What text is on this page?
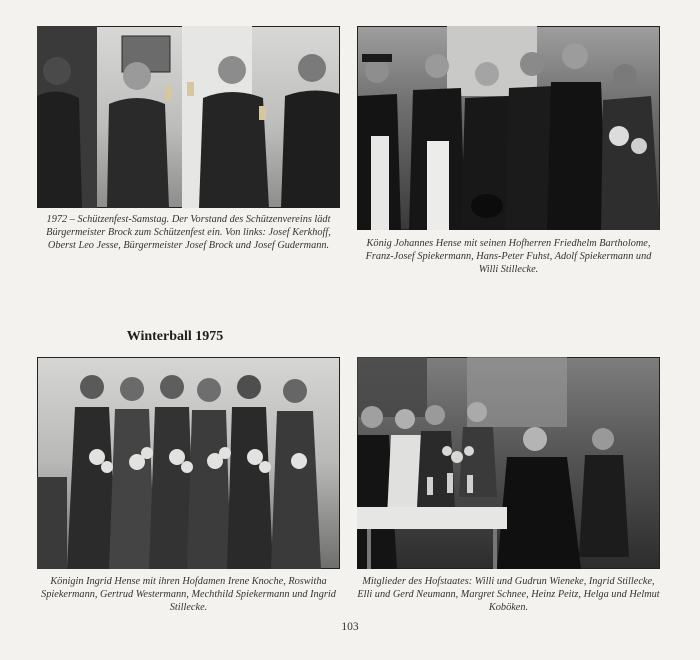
1972 – Schützenfest-Samstag. Der Vorstand des Schützenvereins lädt Bürgermeister Brock zum Schützenfest ein. Von links: Josef Kerkhoff, Oberst Leo Jesse, Bürgermeister Josef Brock und Josef Gudermann.	König Johannes Hense mit seinen Hofherren Friedhelm Bartholome, Franz-Josef Spiekermann, Hans-Peter Fuhst, Adolf Spiekermann und Willi Stillecke.
Winterball 1975
Königin Ingrid Hense mit ihren Hofdamen Irene Knoche, Roswitha Spiekermann, Gertrud Westermann, Mechthild Spiekermann und Ingrid Stillecke.
Mitglieder des Hofstaates: Willi und Gudrun Wieneke, Ingrid Stillecke, Elli und Gerd Neumann, Margret Schnee, Heinz Peitz, Helga und Helmut Koböken.
103
